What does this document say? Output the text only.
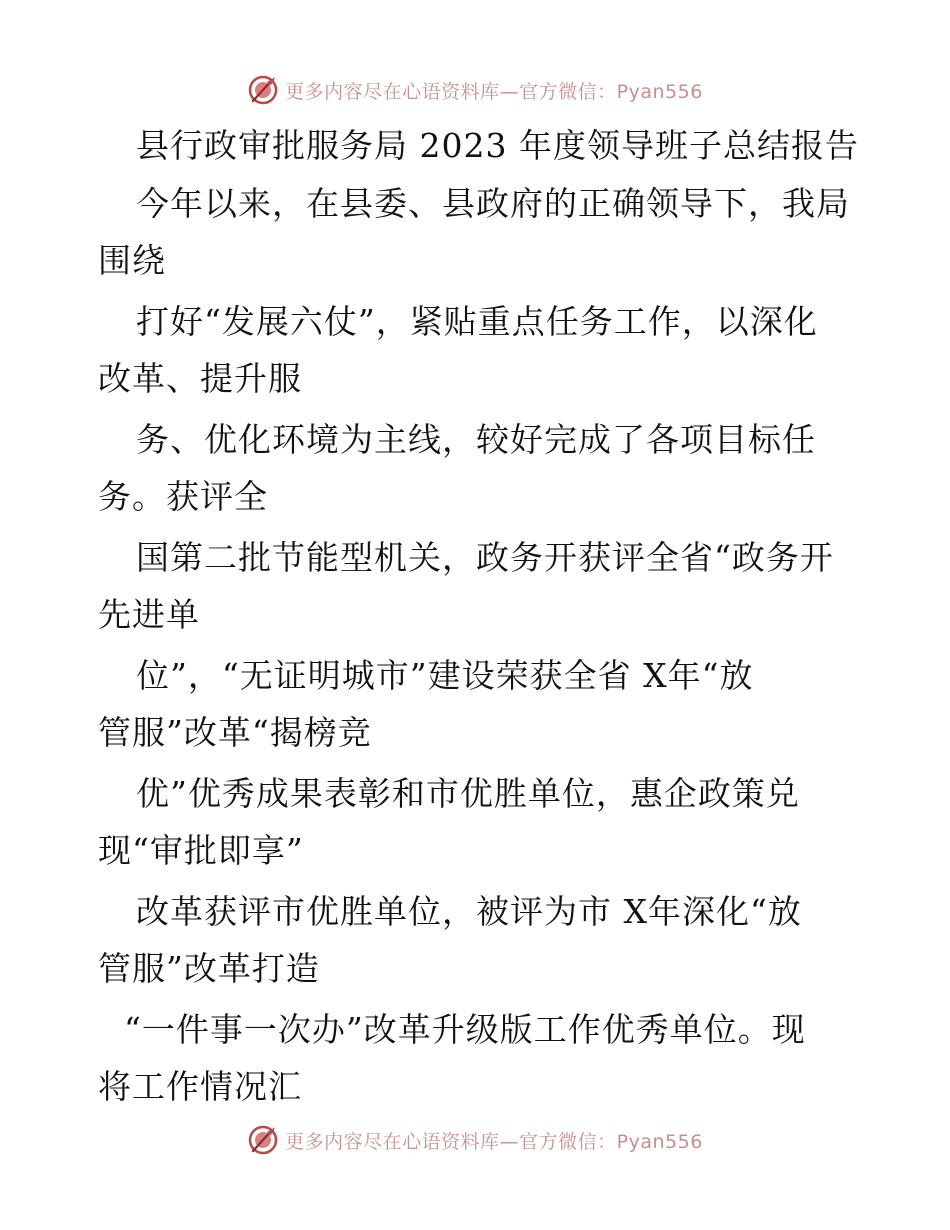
更多内容尽在心语资料库—官方微信：Pyan556
县行政审批服务局 2023 年度领导班子总结报告
今年以来，在县委、县政府的正确领导下，我局
围绕
打好“发展六仗”，紧贴重点任务工作，以深化
改革、提升服
务、优化环境为主线，较好完成了各项目标任
务。获评全
国第二批节能型机关，政务开获评全省“政务开
先进单
位”，“无证明城市”建设荣获全省 X年“放
管服”改革“揭榜竞
优”优秀成果表彰和市优胜单位，惠企政策兑
现“审批即享”
改革获评市优胜单位，被评为市 X年深化“放
管服”改革打造
“一件事一次办”改革升级版工作优秀单位。现
将工作情况汇
更多内容尽在心语资料库—官方微信：Pyan556
